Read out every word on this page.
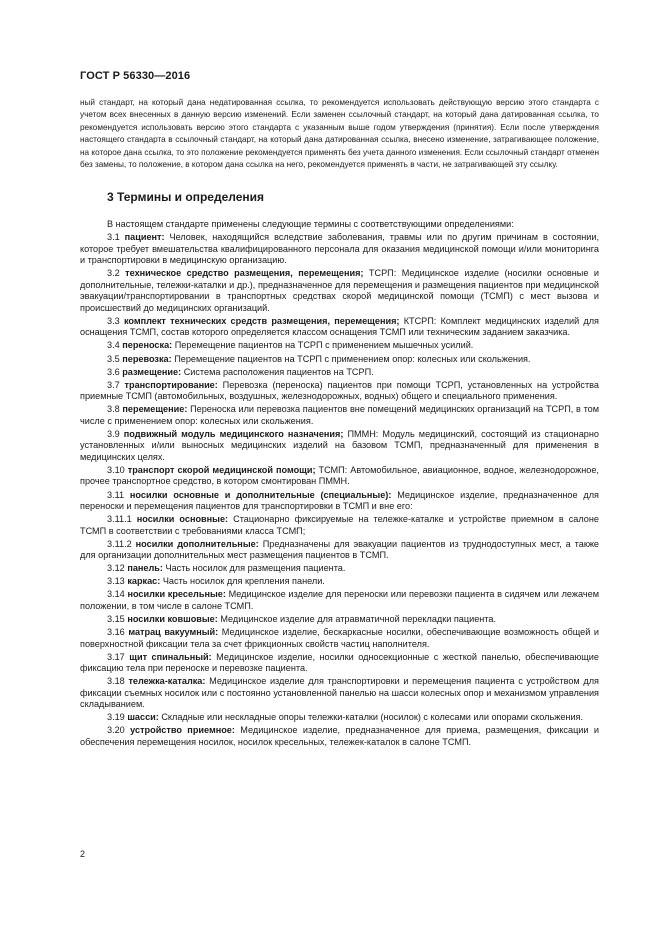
ГОСТ Р 56330—2016
ный стандарт, на который дана недатированная ссылка, то рекомендуется использовать действующую версию этого стандарта с учетом всех внесенных в данную версию изменений. Если заменен ссылочный стандарт, на который дана датированная ссылка, то рекомендуется использовать версию этого стандарта с указанным выше годом утверждения (принятия). Если после утверждения настоящего стандарта в ссылочный стандарт, на который дана датированная ссылка, внесено изменение, затрагивающее положение, на которое дана ссылка, то это положение рекомендуется применять без учета данного изменения. Если ссылочный стандарт отменен без замены, то положение, в котором дана ссылка на него, рекомендуется применять в части, не затрагивающей эту ссылку.
3 Термины и определения

В настоящем стандарте применены следующие термины с соответствующими определениями:

3.1 пациент: Человек, находящийся вследствие заболевания, травмы или по другим причинам в состоянии, которое требует вмешательства квалифицированного персонала для оказания медицинской помощи и/или мониторинга и транспортировки в медицинскую организацию.

3.2 техническое средство размещения, перемещения; ТСРП: Медицинское изделие (носилки основные и дополнительные, тележки-каталки и др.), предназначенное для перемещения и размещения пациентов при медицинской эвакуации/транспортировании в транспортных средствах скорой медицинской помощи (ТСМП) с мест вызова и происшествий до медицинских организаций.

3.3 комплект технических средств размещения, перемещения; КТСРП: Комплект медицинских изделий для оснащения ТСМП, состав которого определяется классом оснащения ТСМП или техническим заданием заказчика.

3.4 переноска: Перемещение пациентов на ТСРП с применением мышечных усилий.

3.5 перевозка: Перемещение пациентов на ТСРП с применением опор: колесных или скольжения.

3.6 размещение: Система расположения пациентов на ТСРП.

3.7 транспортирование: Перевозка (переноска) пациентов при помощи ТСРП, установленных на устройства приемные ТСМП (автомобильных, воздушных, железнодорожных, водных) общего и специального применения.

3.8 перемещение: Переноска или перевозка пациентов вне помещений медицинских организаций на ТСРП, в том числе с применением опор: колесных или скольжения.

3.9 подвижный модуль медицинского назначения; ПММН: Модуль медицинский, состоящий из стационарно установленных и/или выносных медицинских изделий на базовом ТСМП, предназначенный для применения в медицинских целях.

3.10 транспорт скорой медицинской помощи; ТСМП: Автомобильное, авиационное, водное, железнодорожное, прочее транспортное средство, в котором смонтирован ПММН.

3.11 носилки основные и дополнительные (специальные): Медицинское изделие, предназначенное для переноски и перемещения пациентов для транспортировки в ТСМП и вне его:

3.11.1 носилки основные: Стационарно фиксируемые на тележке-каталке и устройстве приемном в салоне ТСМП в соответствии с требованиями класса ТСМП;

3.11.2 носилки дополнительные: Предназначены для эвакуации пациентов из труднодоступных мест, а также для организации дополнительных мест размещения пациентов в ТСМП.

3.12 панель: Часть носилок для размещения пациента.

3.13 каркас: Часть носилок для крепления панели.

3.14 носилки кресельные: Медицинское изделие для переноски или перевозки пациента в сидячем или лежачем положении, в том числе в салоне ТСМП.

3.15 носилки ковшовые: Медицинское изделие для атравматичной перекладки пациента.

3.16 матрац вакуумный: Медицинское изделие, бескаркасные носилки, обеспечивающие возможность общей и поверхностной фиксации тела за счет фрикционных свойств частиц наполнителя.

3.17 щит спинальный: Медицинское изделие, носилки односекционные с жесткой панелью, обеспечивающие фиксацию тела при переноске и перевозке пациента.

3.18 тележка-каталка: Медицинское изделие для транспортировки и перемещения пациента с устройством для фиксации съемных носилок или с постоянно установленной панелью на шасси колесных опор и механизмом управления складыванием.

3.19 шасси: Складные или нескладные опоры тележки-каталки (носилок) с колесами или опорами скольжения.

3.20 устройство приемное: Медицинское изделие, предназначенное для приема, размещения, фиксации и обеспечения перемещения носилок, носилок кресельных, тележек-каталок в салоне ТСМП.

2
